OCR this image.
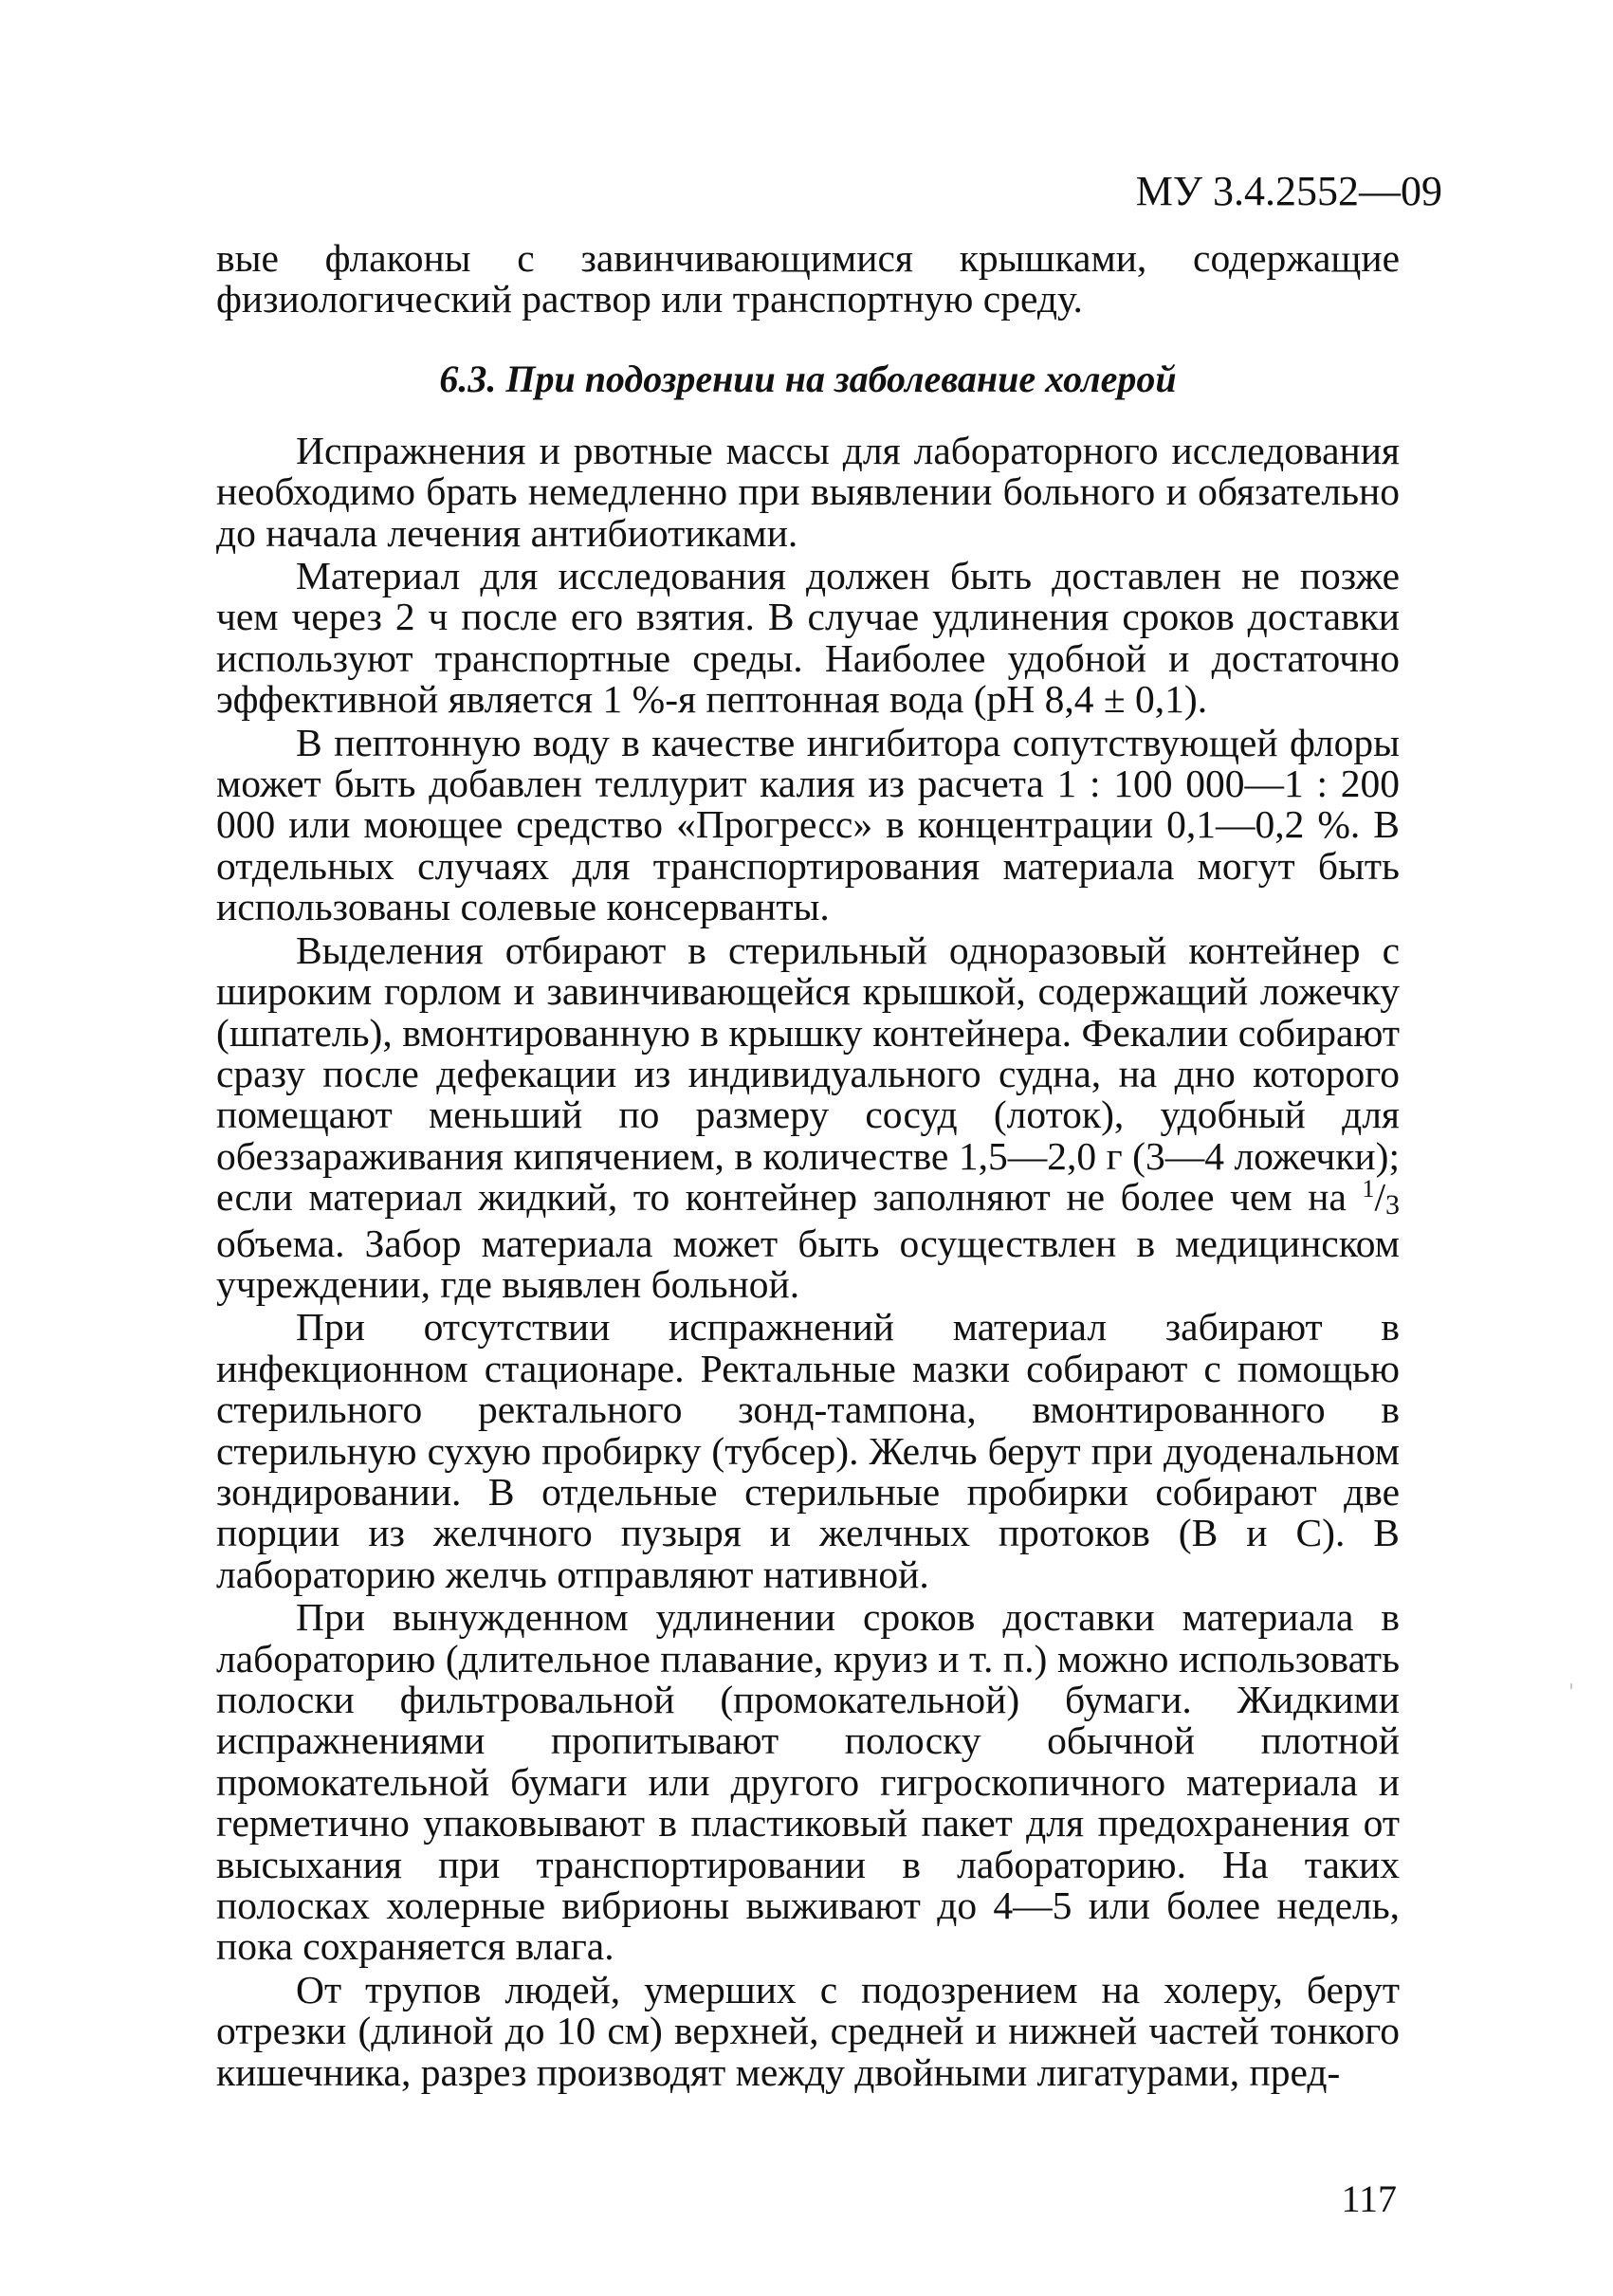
МУ 3.4.2552—09

вые флаконы с завинчивающимися крышками, содержащие физиологический раствор или транспортную среду.

6.3. При подозрении на заболевание холерой

Испражнения и рвотные массы для лабораторного исследования необходимо брать немедленно при выявлении больного и обязательно до начала лечения антибиотиками.

Материал для исследования должен быть доставлен не позже чем через 2 ч после его взятия. В случае удлинения сроков доставки используют транспортные среды. Наиболее удобной и достаточно эффективной является 1 %-я пептонная вода (рН 8,4 ± 0,1).

В пептонную воду в качестве ингибитора сопутствующей флоры может быть добавлен теллурит калия из расчета 1 : 100 000—1 : 200 000 или моющее средство «Прогресс» в концентрации 0,1—0,2 %. В отдельных случаях для транспортирования материала могут быть использованы солевые консерванты.

Выделения отбирают в стерильный одноразовый контейнер с широким горлом и завинчивающейся крышкой, содержащий ложечку (шпатель), вмонтированную в крышку контейнера. Фекалии собирают сразу после дефекации из индивидуального судна, на дно которого помещают меньший по размеру сосуд (лоток), удобный для обеззараживания кипячением, в количестве 1,5—2,0 г (3—4 ложечки); если материал жидкий, то контейнер заполняют не более чем на $^1$/3 объема. Забор материала может быть осуществлен в медицинском учреждении, где выявлен больной.

При отсутствии испражнений материал забирают в инфекционном стационаре. Ректальные мазки собирают с помощью стерильного ректального зонд-тампона, вмонтированного в стерильную сухую пробирку (тубсер). Желчь берут при дуоденальном зондировании. В отдельные стерильные пробирки собирают две порции из желчного пузыря и желчных протоков (В и С). В лабораторию желчь отправляют нативной.

При вынужденном удлинении сроков доставки материала в лабораторию (длительное плавание, круиз и т. п.) можно использовать полоски фильтровальной (промокательной) бумаги. Жидкими испражнениями пропитывают полоску обычной плотной промокательной бумаги или другого гигроскопичного материала и герметично упаковывают в пластиковый пакет для предохранения от высыхания при транспортировании в лабораторию. На таких полосках холерные вибрионы выживают до 4—5 или более недель, пока сохраняется влага.

От трупов людей, умерших с подозрением на холеру, берут отрезки (длиной до 10 см) верхней, средней и нижней частей тонкого кишечника, разрез производят между двойными лигатурами, пред-

117
